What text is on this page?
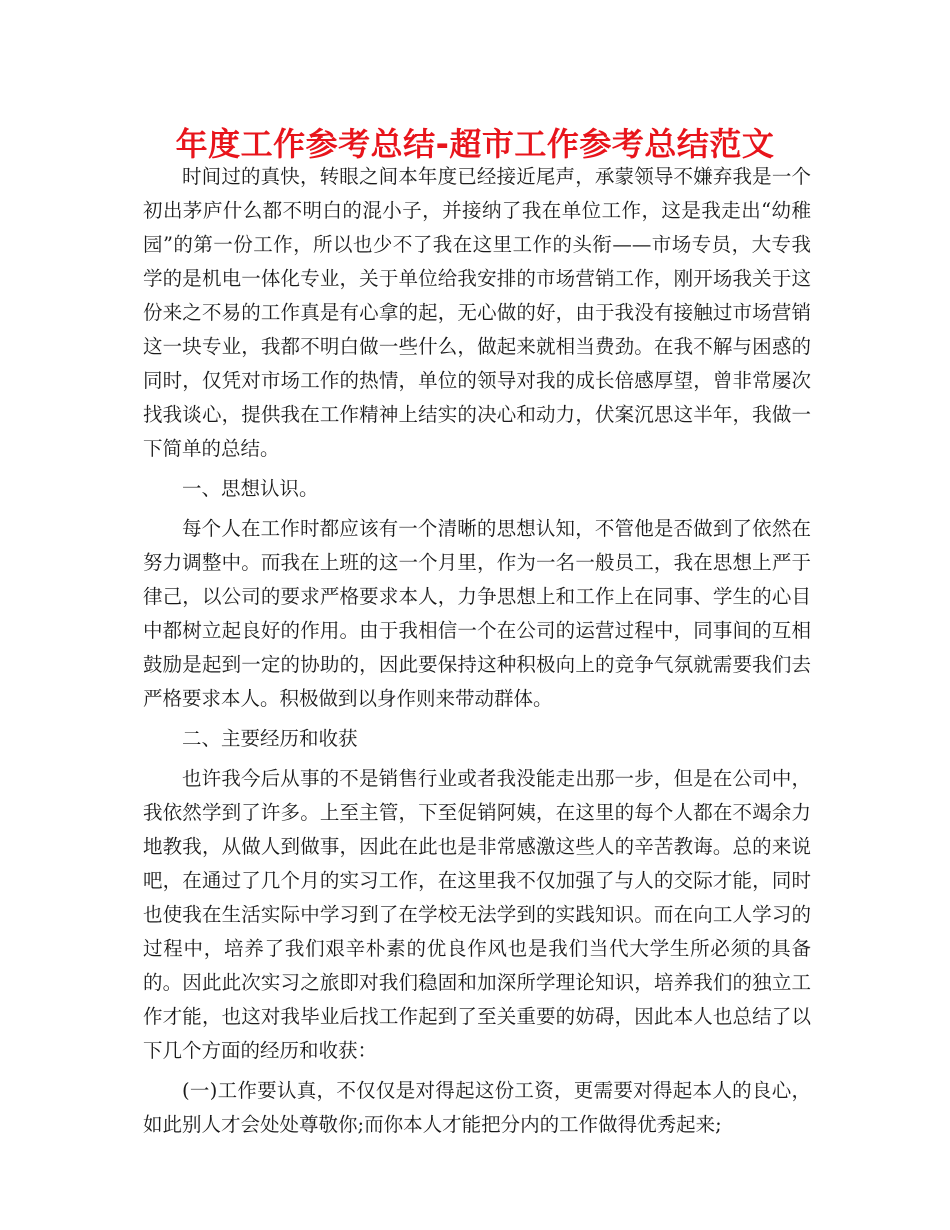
年度工作参考总结-超市工作参考总结范文

时间过的真快，转眼之间本年度已经接近尾声，承蒙领导不嫌弃我是一个初出茅庐什么都不明白的混小子，并接纳了我在单位工作，这是我走出“幼稚园”的第一份工作，所以也少不了我在这里工作的头衔——市场专员，大专我学的是机电一体化专业，关于单位给我安排的市场营销工作，刚开场我关于这份来之不易的工作真是有心拿的起，无心做的好，由于我没有接触过市场营销这一块专业，我都不明白做一些什么，做起来就相当费劲。在我不解与困惑的同时，仅凭对市场工作的热情，单位的领导对我的成长倍感厚望，曾非常屡次找我谈心，提供我在工作精神上结实的决心和动力，伏案沉思这半年，我做一下简单的总结。

一、思想认识。

每个人在工作时都应该有一个清晰的思想认知，不管他是否做到了依然在努力调整中。而我在上班的这一个月里，作为一名一般员工，我在思想上严于律己，以公司的要求严格要求本人，力争思想上和工作上在同事、学生的心目中都树立起良好的作用。由于我相信一个在公司的运营过程中，同事间的互相鼓励是起到一定的协助的，因此要保持这种积极向上的竞争气氛就需要我们去严格要求本人。积极做到以身作则来带动群体。

二、主要经历和收获

也许我今后从事的不是销售行业或者我没能走出那一步，但是在公司中，我依然学到了许多。上至主管，下至促销阿姨，在这里的每个人都在不竭余力地教我，从做人到做事，因此在此也是非常感激这些人的辛苦教诲。总的来说吧，在通过了几个月的实习工作，在这里我不仅加强了与人的交际才能，同时也使我在生活实际中学习到了在学校无法学到的实践知识。而在向工人学习的过程中，培养了我们艰辛朴素的优良作风也是我们当代大学生所必须的具备的。因此此次实习之旅即对我们稳固和加深所学理论知识，培养我们的独立工作才能，也这对我毕业后找工作起到了至关重要的妨碍，因此本人也总结了以下几个方面的经历和收获：

(一)工作要认真，不仅仅是对得起这份工资，更需要对得起本人的良心，如此别人才会处处尊敬你;而你本人才能把分内的工作做得优秀起来;
